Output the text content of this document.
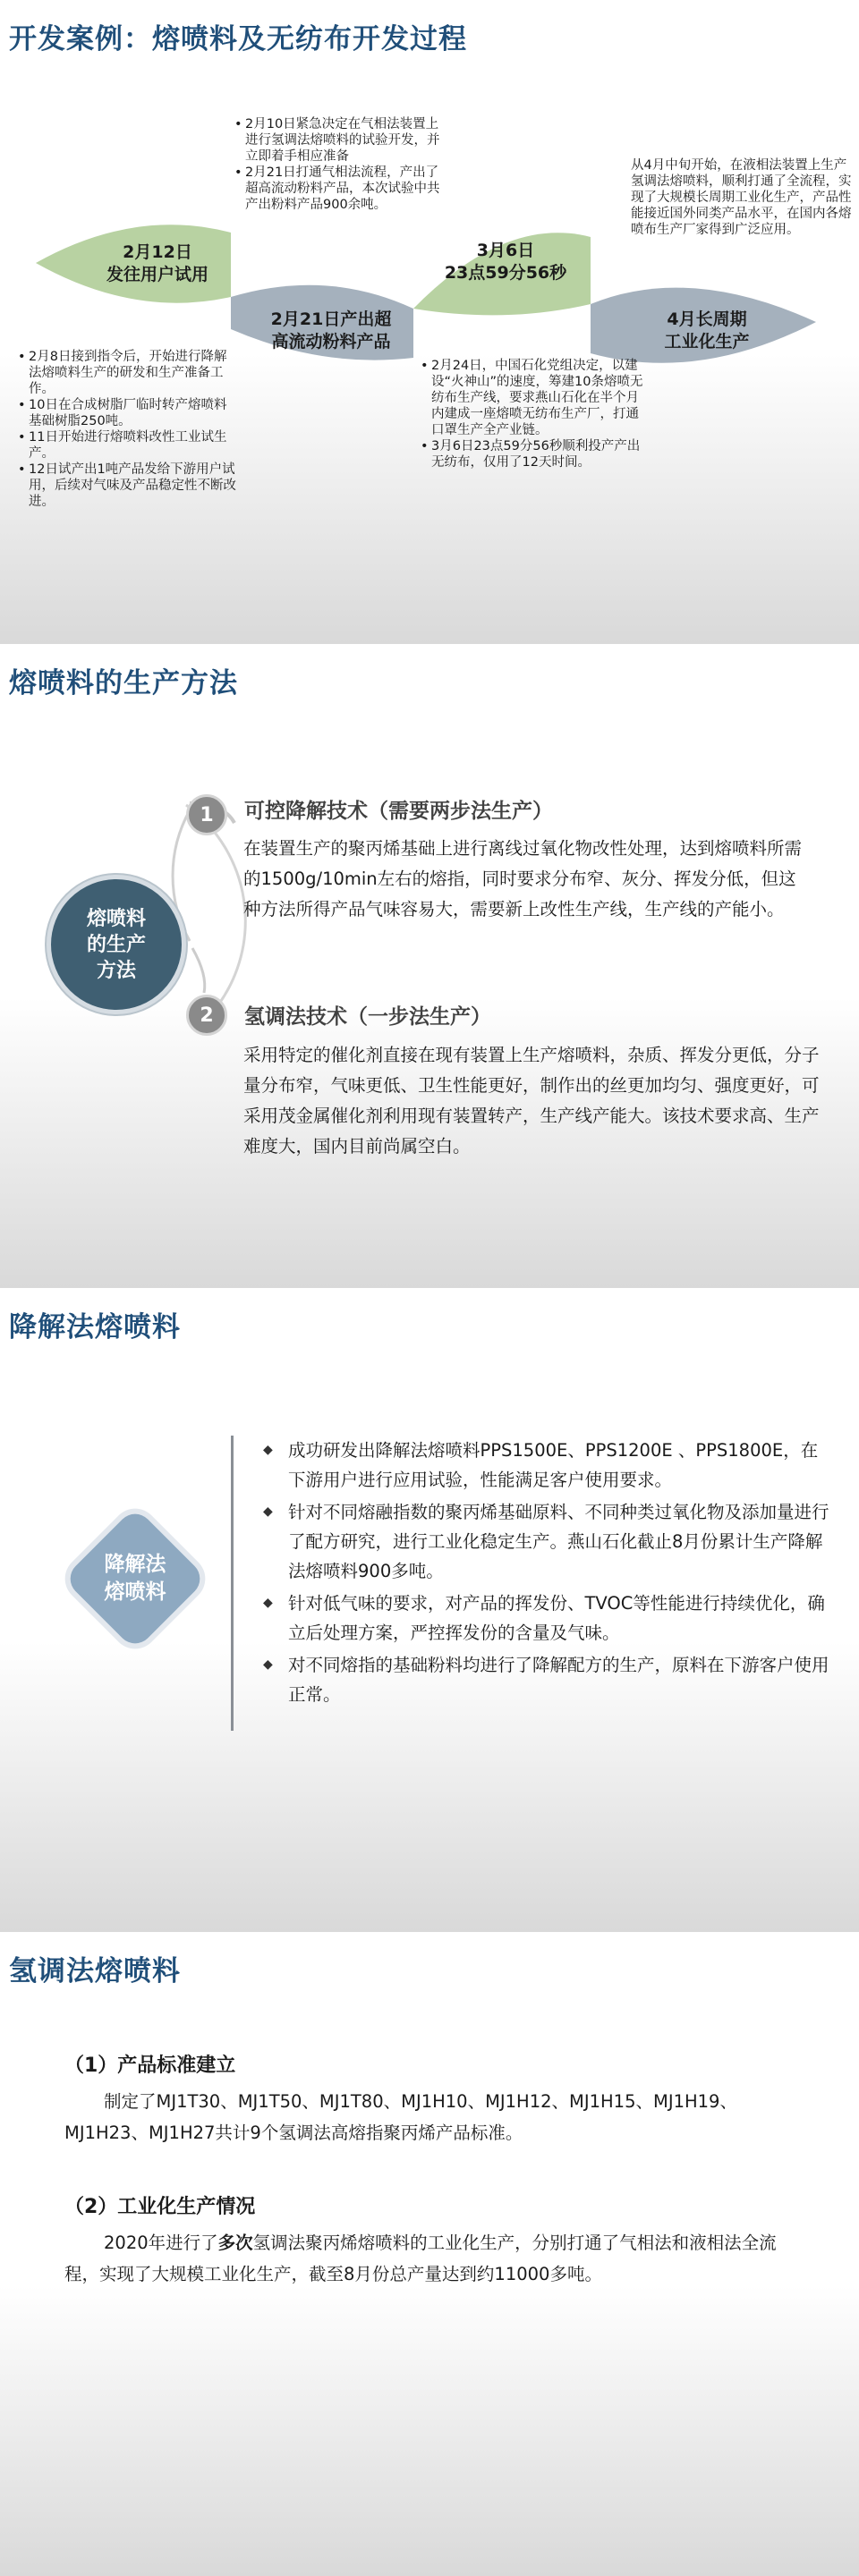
开发案例：熔喷料及无纺布开发过程
2月12日
发往用户试用
2月21日产出超
高流动粉料产品
3月6日
23点59分56秒
4月长周期
工业化生产
• 2月10日紧急决定在气相法装置上进行氢调法熔喷料的试验开发，并立即着手相应准备
• 2月21日打通气相法流程，产出了超高流动粉料产品，本次试验中共产出粉料产品900余吨。

从4月中旬开始，在液相法装置上生产氢调法熔喷料，顺利打通了全流程，实现了大规模长周期工业化生产，产品性能接近国外同类产品水平，在国内各熔喷布生产厂家得到广泛应用。

• 2月8日接到指令后，开始进行降解法熔喷料生产的研发和生产准备工作。
• 10日在合成树脂厂临时转产熔喷料基础树脂250吨。
• 11日开始进行熔喷料改性工业试生产。
• 12日试产出1吨产品发给下游用户试用，后续对气味及产品稳定性不断改进。
• 2月24日，中国石化党组决定，以建设“火神山”的速度，筹建10条熔喷无纺布生产线，要求燕山石化在半个月内建成一座熔喷无纺布生产厂，打通口罩生产全产业链。
• 3月6日23点59分56秒顺利投产产出无纺布，仅用了12天时间。
熔喷料的生产方法
熔喷料
的生产
方法
1	可控降解技术（需要两步法生产）
在装置生产的聚丙烯基础上进行离线过氧化物改性处理，达到熔喷料所需的1500g/10min左右的熔指，同时要求分布窄、灰分、挥发分低，但这种方法所得产品气味容易大，需要新上改性生产线，生产线的产能小。
2	氢调法技术（一步法生产）
采用特定的催化剂直接在现有装置上生产熔喷料，杂质、挥发分更低，分子量分布窄，气味更低、卫生性能更好，制作出的丝更加均匀、强度更好，可采用茂金属催化剂利用现有装置转产，生产线产能大。该技术要求高、生产难度大，国内目前尚属空白。
降解法熔喷料
降解法
熔喷料
◆ 成功研发出降解法熔喷料PPS1500E、PPS1200E 、PPS1800E，在下游用户进行应用试验，性能满足客户使用要求。
◆ 针对不同熔融指数的聚丙烯基础原料、不同种类过氧化物及添加量进行了配方研究，进行工业化稳定生产。燕山石化截止8月份累计生产降解法熔喷料900多吨。
◆ 针对低气味的要求，对产品的挥发份、TVOC等性能进行持续优化，确立后处理方案，严控挥发份的含量及气味。
◆ 对不同熔指的基础粉料均进行了降解配方的生产，原料在下游客户使用正常。
氢调法熔喷料
（1）产品标准建立
制定了MJ1T30、MJ1T50、MJ1T80、MJ1H10、MJ1H12、MJ1H15、MJ1H19、MJ1H23、MJ1H27共计9个氢调法高熔指聚丙烯产品标准。
（2）工业化生产情况
2020年进行了多次氢调法聚丙烯熔喷料的工业化生产，分别打通了气相法和液相法全流程，实现了大规模工业化生产，截至8月份总产量达到约11000多吨。
